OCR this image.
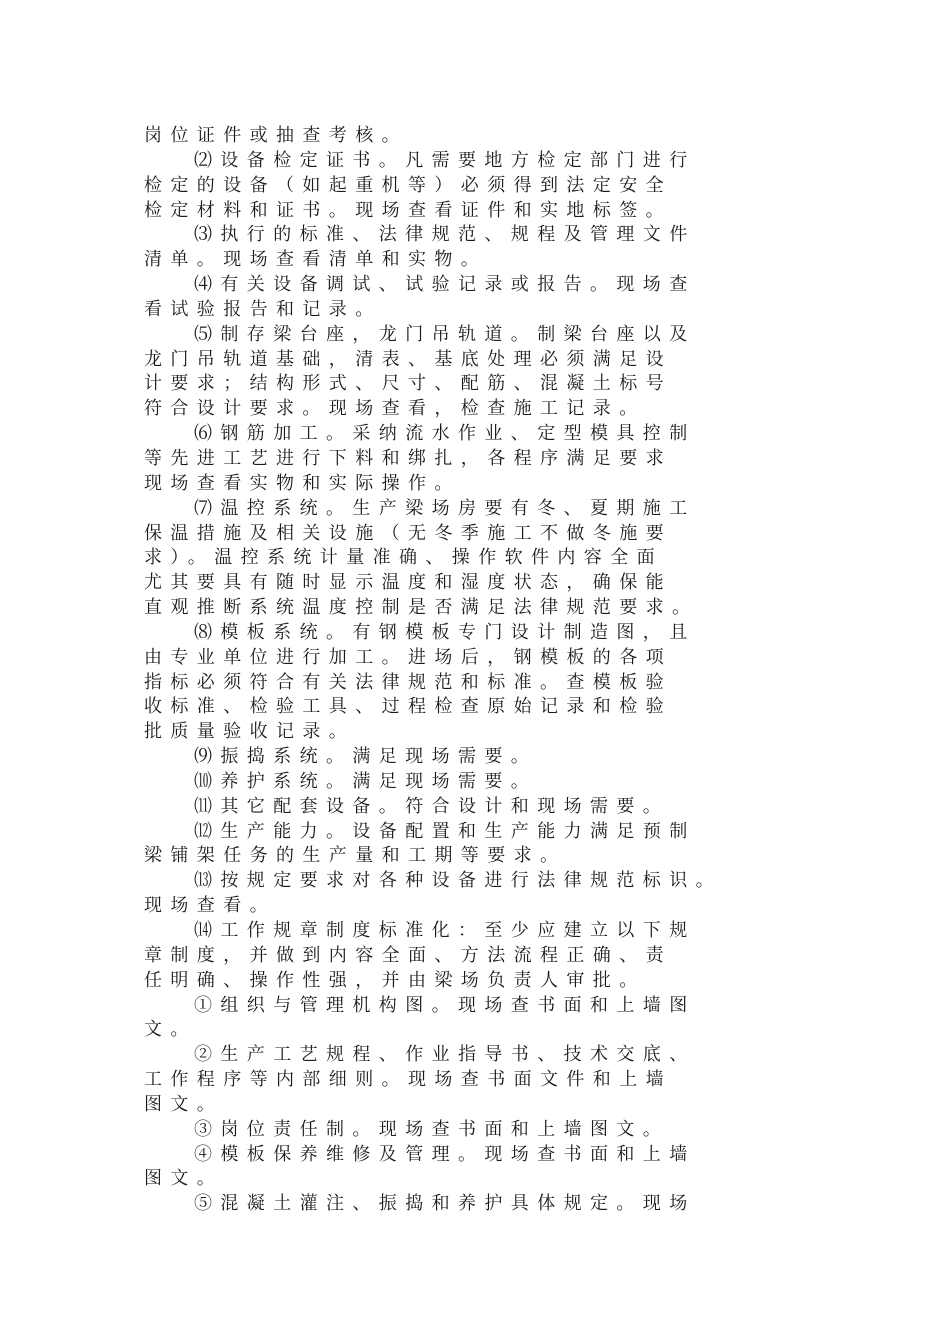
岗位证件或抽查考核。
⑵设备检定证书。凡需要地方检定部门进行
检定的设备（如起重机等）必须得到法定安全
检定材料和证书。现场查看证件和实地标签。
⑶执行的标准、法律规范、规程及管理文件
清单。现场查看清单和实物。
⑷有关设备调试、试验记录或报告。现场查
看试验报告和记录。
⑸制存梁台座，龙门吊轨道。制梁台座以及
龙门吊轨道基础，清表、基底处理必须满足设
计要求；结构形式、尺寸、配筋、混凝土标号
符合设计要求。现场查看，检查施工记录。
⑹钢筋加工。采纳流水作业、定型模具控制
等先进工艺进行下料和绑扎，各程序满足要求
现场查看实物和实际操作。
⑺温控系统。生产梁场房要有冬、夏期施工
保温措施及相关设施（无冬季施工不做冬施要
求）。温控系统计量准确、操作软件内容全面
尤其要具有随时显示温度和湿度状态，确保能
直观推断系统温度控制是否满足法律规范要求。
⑻模板系统。有钢模板专门设计制造图，且
由专业单位进行加工。进场后，钢模板的各项
指标必须符合有关法律规范和标准。查模板验
收标准、检验工具、过程检查原始记录和检验
批质量验收记录。
⑼振捣系统。满足现场需要。
⑽养护系统。满足现场需要。
⑾其它配套设备。符合设计和现场需要。
⑿生产能力。设备配置和生产能力满足预制
梁铺架任务的生产量和工期等要求。
⒀按规定要求对各种设备进行法律规范标识。
现场查看。
⒁工作规章制度标准化：至少应建立以下规
章制度，并做到内容全面、方法流程正确、责
任明确、操作性强，并由梁场负责人审批。
①组织与管理机构图。现场查书面和上墙图
文。
②生产工艺规程、作业指导书、技术交底、
工作程序等内部细则。现场查书面文件和上墙
图文。
③岗位责任制。现场查书面和上墙图文。
④模板保养维修及管理。现场查书面和上墙
图文。
⑤混凝土灌注、振捣和养护具体规定。现场
